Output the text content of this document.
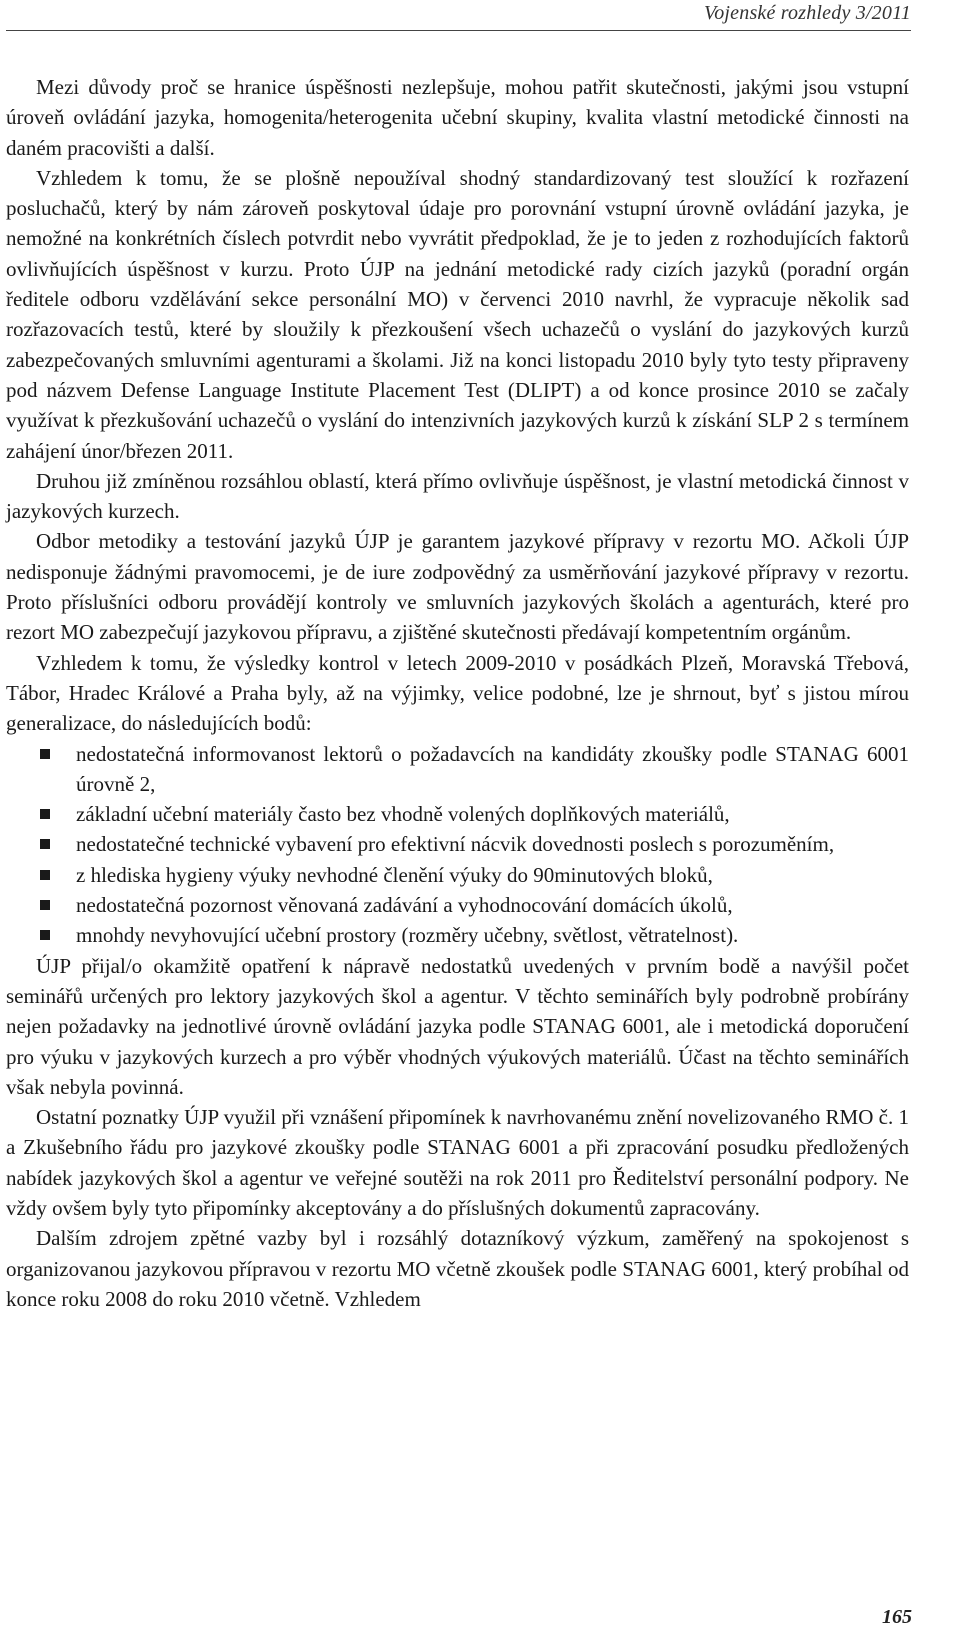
Vojenské rozhledy 3/2011

Mezi důvody proč se hranice úspěšnosti nezlepšuje, mohou patřit skutečnosti, jakými jsou vstupní úroveň ovládání jazyka, homogenita/heterogenita učební skupiny, kvalita vlastní metodické činnosti na daném pracovišti a další.

Vzhledem k tomu, že se plošně nepoužíval shodný standardizovaný test sloužící k rozřazení posluchačů, který by nám zároveň poskytoval údaje pro porovnání vstupní úrovně ovládání jazyka, je nemožné na konkrétních číslech potvrdit nebo vyvrátit předpoklad, že je to jeden z rozhodujících faktorů ovlivňujících úspěšnost v kurzu. Proto ÚJP na jednání metodické rady cizích jazyků (poradní orgán ředitele odboru vzdělávání sekce personální MO) v červenci 2010 navrhl, že vypracuje několik sad rozřazovacích testů, které by sloužily k přezkoušení všech uchazečů o vyslání do jazykových kurzů zabezpečovaných smluvními agenturami a školami. Již na konci listopadu 2010 byly tyto testy připraveny pod názvem Defense Language Institute Placement Test (DLIPT) a od konce prosince 2010 se začaly využívat k přezkušování uchazečů o vyslání do intenzivních jazykových kurzů k získání SLP 2 s termínem zahájení únor/březen 2011.

Druhou již zmíněnou rozsáhlou oblastí, která přímo ovlivňuje úspěšnost, je vlastní metodická činnost v jazykových kurzech.

Odbor metodiky a testování jazyků ÚJP je garantem jazykové přípravy v rezortu MO. Ačkoli ÚJP nedisponuje žádnými pravomocemi, je de iure zodpovědný za usměrňování jazykové přípravy v rezortu. Proto příslušníci odboru provádějí kontroly ve smluvních jazykových školách a agenturách, které pro rezort MO zabezpečují jazykovou přípravu, a zjištěné skutečnosti předávají kompetentním orgánům.

Vzhledem k tomu, že výsledky kontrol v letech 2009-2010 v posádkách Plzeň, Moravská Třebová, Tábor, Hradec Králové a Praha byly, až na výjimky, velice podobné, lze je shrnout, byť s jistou mírou generalizace, do následujících bodů:

nedostatečná informovanost lektorů o požadavcích na kandidáty zkoušky podle STANAG 6001 úrovně 2,
základní učební materiály často bez vhodně volených doplňkových materiálů,
nedostatečné technické vybavení pro efektivní nácvik dovednosti poslech s porozuměním,
z hlediska hygieny výuky nevhodné členění výuky do 90minutových bloků,
nedostatečná pozornost věnovaná zadávání a vyhodnocování domácích úkolů,
mnohdy nevyhovující učební prostory (rozměry učebny, světlost, větratelnost).

ÚJP přijal/o okamžitě opatření k nápravě nedostatků uvedených v prvním bodě a navýšil počet seminářů určených pro lektory jazykových škol a agentur. V těchto seminářích byly podrobně probírány nejen požadavky na jednotlivé úrovně ovládání jazyka podle STANAG 6001, ale i metodická doporučení pro výuku v jazykových kurzech a pro výběr vhodných výukových materiálů. Účast na těchto seminářích však nebyla povinná.

Ostatní poznatky ÚJP využil při vznášení připomínek k navrhovanému znění novelizovaného RMO č. 1 a Zkušebního řádu pro jazykové zkoušky podle STANAG 6001 a při zpracování posudku předložených nabídek jazykových škol a agentur ve veřejné soutěži na rok 2011 pro Ředitelství personální podpory. Ne vždy ovšem byly tyto připomínky akceptovány a do příslušných dokumentů zapracovány.

Dalším zdrojem zpětné vazby byl i rozsáhlý dotazníkový výzkum, zaměřený na spokojenost s organizovanou jazykovou přípravou v rezortu MO včetně zkoušek podle STANAG 6001, který probíhal od konce roku 2008 do roku 2010 včetně. Vzhledem

165
